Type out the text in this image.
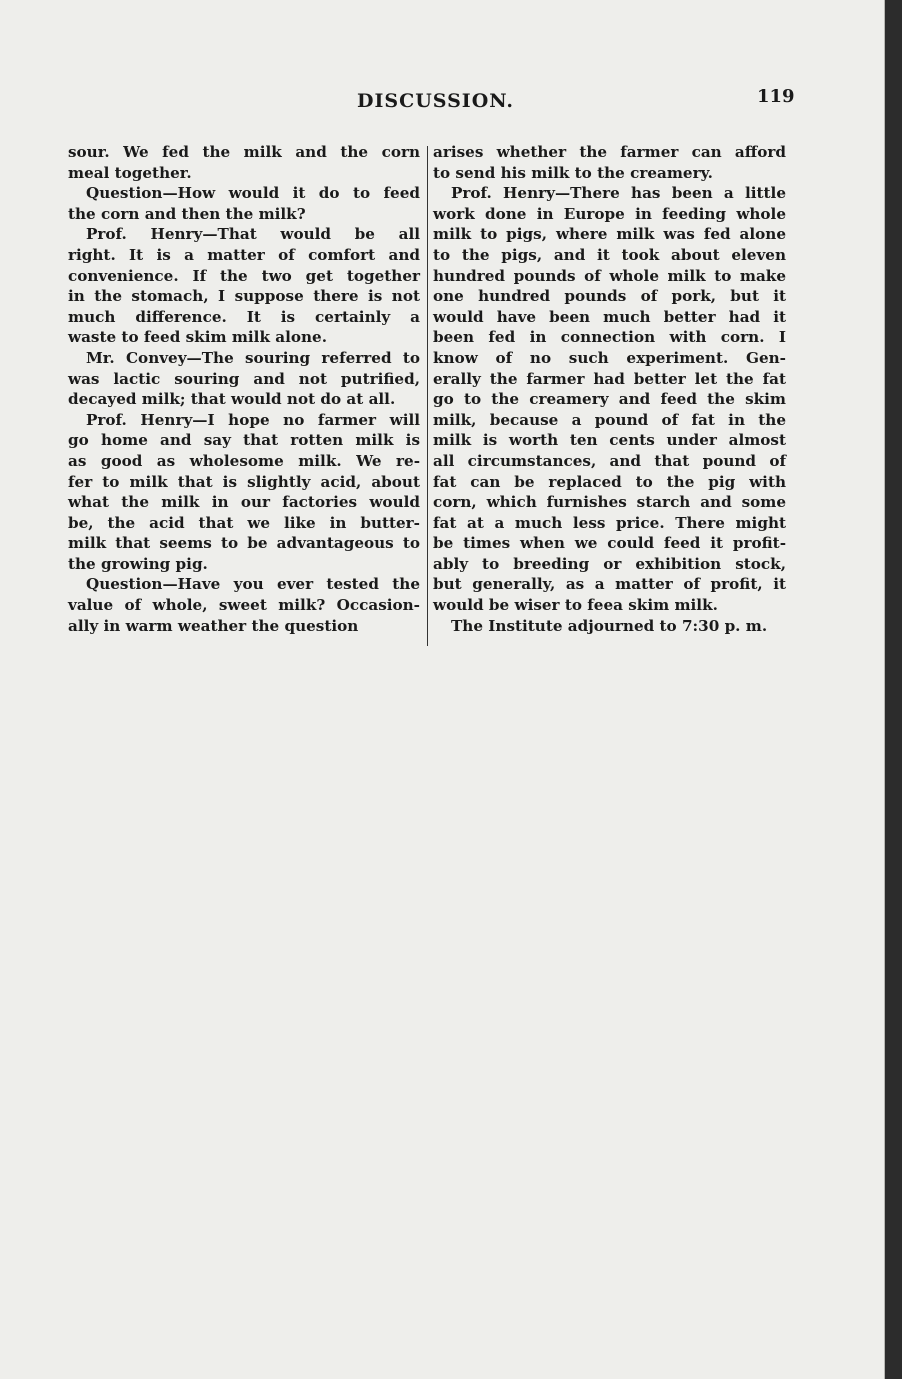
DISCUSSION.	119
sour. We fed the milk and the corn
meal together.
Question—How would it do to feed
the corn and then the milk?
Prof. Henry—That would be all
right. It is a matter of comfort and
convenience. If the two get together
in the stomach, I suppose there is not
much difference. It is certainly a
waste to feed skim milk alone.
Mr. Convey—The souring referred to
was lactic souring and not putrified,
decayed milk; that would not do at all.
Prof. Henry—I hope no farmer will
go home and say that rotten milk is
as good as wholesome milk. We re-
fer to milk that is slightly acid, about
what the milk in our factories would
be, the acid that we like in butter-
milk that seems to be advantageous to
the growing pig.
Question—Have you ever tested the
value of whole, sweet milk? Occasion-
ally in warm weather the question
arises whether the farmer can afford
to send his milk to the creamery.
Prof. Henry—There has been a little
work done in Europe in feeding whole
milk to pigs, where milk was fed alone
to the pigs, and it took about eleven
hundred pounds of whole milk to make
one hundred pounds of pork, but it
would have been much better had it
been fed in connection with corn. I
know of no such experiment. Gen-
erally the farmer had better let the fat
go to the creamery and feed the skim
milk, because a pound of fat in the
milk is worth ten cents under almost
all circumstances, and that pound of
fat can be replaced to the pig with
corn, which furnishes starch and some
fat at a much less price. There might
be times when we could feed it profit-
ably to breeding or exhibition stock,
but generally, as a matter of profit, it
would be wiser to feea skim milk.
The Institute adjourned to 7:30 p. m.
